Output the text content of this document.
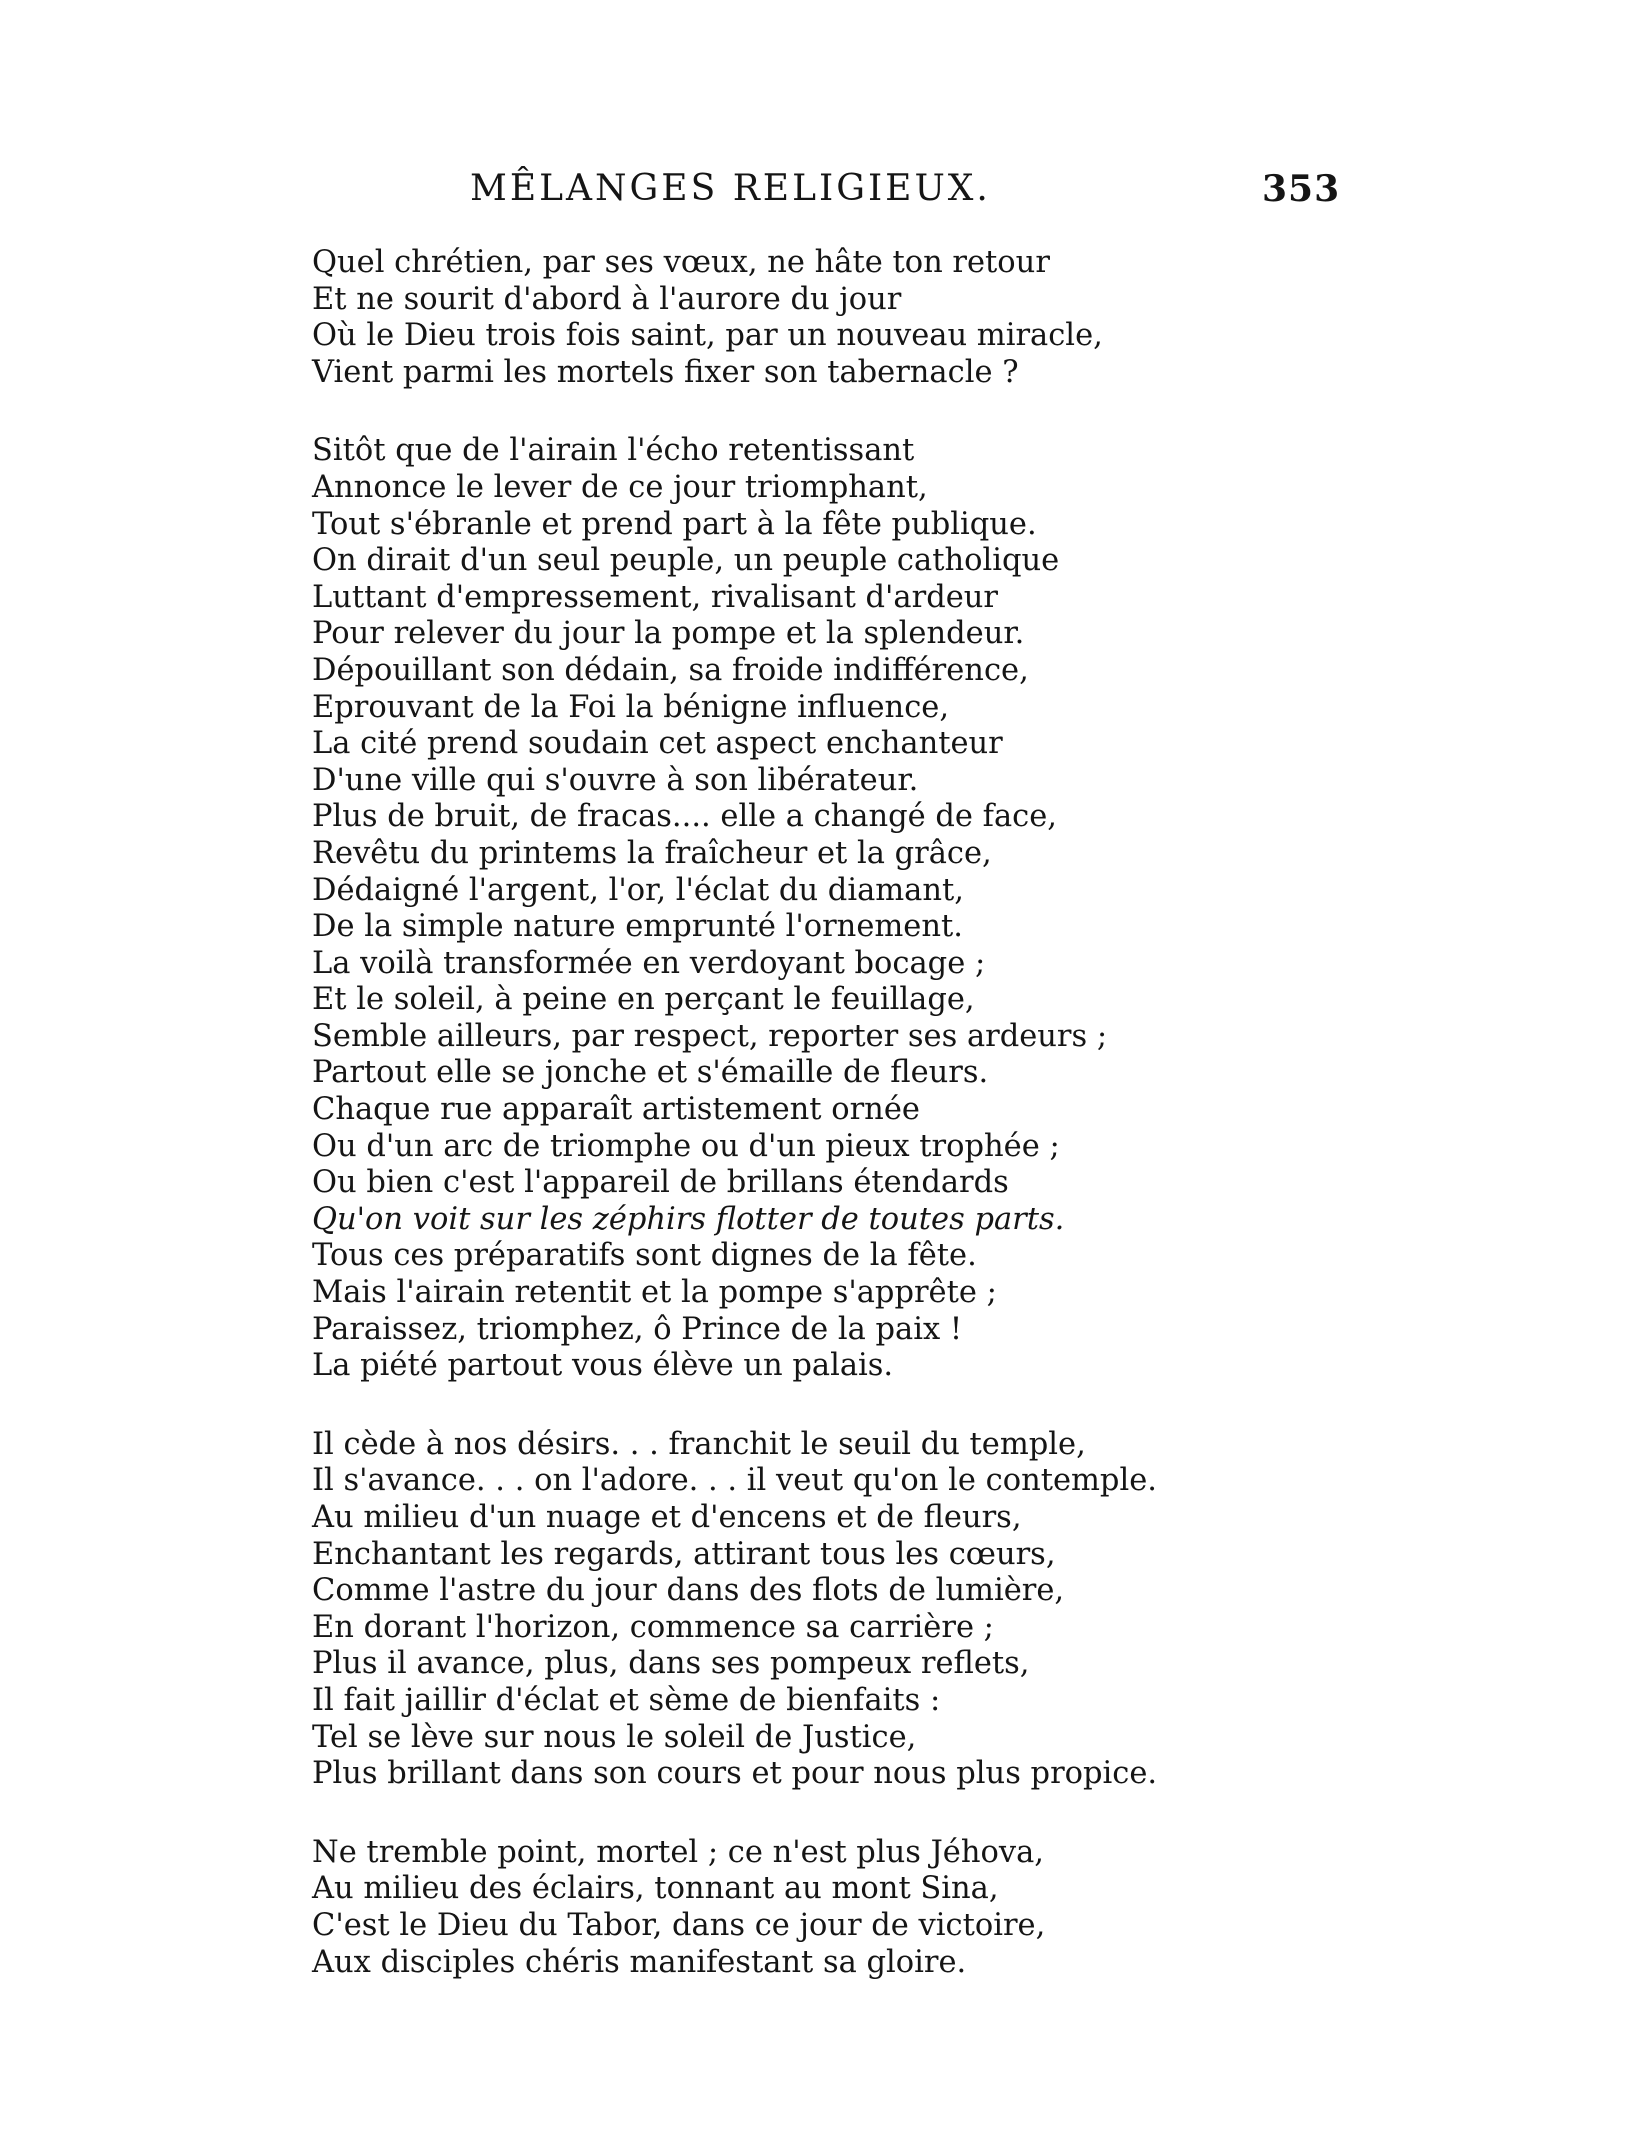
MÊLANGES RELIGIEUX.	353
Quel chrétien, par ses vœux, ne hâte ton retour
Et ne sourit d'abord à l'aurore du jour
Où le Dieu trois fois saint, par un nouveau miracle,
Vient parmi les mortels fixer son tabernacle ?
Sitôt que de l'airain l'écho retentissant
Annonce le lever de ce jour triomphant,
Tout s'ébranle et prend part à la fête publique.
On dirait d'un seul peuple, un peuple catholique
Luttant d'empressement, rivalisant d'ardeur
Pour relever du jour la pompe et la splendeur.
Dépouillant son dédain, sa froide indifférence,
Eprouvant de la Foi la bénigne influence,
La cité prend soudain cet aspect enchanteur
D'une ville qui s'ouvre à son libérateur.
Plus de bruit, de fracas.... elle a changé de face,
Revêtu du printems la fraîcheur et la grâce,
Dédaigné l'argent, l'or, l'éclat du diamant,
De la simple nature emprunté l'ornement.
La voilà transformée en verdoyant bocage ;
Et le soleil, à peine en perçant le feuillage,
Semble ailleurs, par respect, reporter ses ardeurs ;
Partout elle se jonche et s'émaille de fleurs.
Chaque rue apparaît artistement ornée
Ou d'un arc de triomphe ou d'un pieux trophée ;
Ou bien c'est l'appareil de brillans étendards
Qu'on voit sur les zéphirs flotter de toutes parts.
Tous ces préparatifs sont dignes de la fête.
Mais l'airain retentit et la pompe s'apprête ;
Paraissez, triomphez, ô Prince de la paix !
La piété partout vous élève un palais.
Il cède à nos désirs. . . franchit le seuil du temple,
Il s'avance. . . on l'adore. . . il veut qu'on le contemple.
Au milieu d'un nuage et d'encens et de fleurs,
Enchantant les regards, attirant tous les cœurs,
Comme l'astre du jour dans des flots de lumière,
En dorant l'horizon, commence sa carrière ;
Plus il avance, plus, dans ses pompeux reflets,
Il fait jaillir d'éclat et sème de bienfaits :
Tel se lève sur nous le soleil de Justice,
Plus brillant dans son cours et pour nous plus propice.
Ne tremble point, mortel ; ce n'est plus Jéhova,
Au milieu des éclairs, tonnant au mont Sina,
C'est le Dieu du Tabor, dans ce jour de victoire,
Aux disciples chéris manifestant sa gloire.
